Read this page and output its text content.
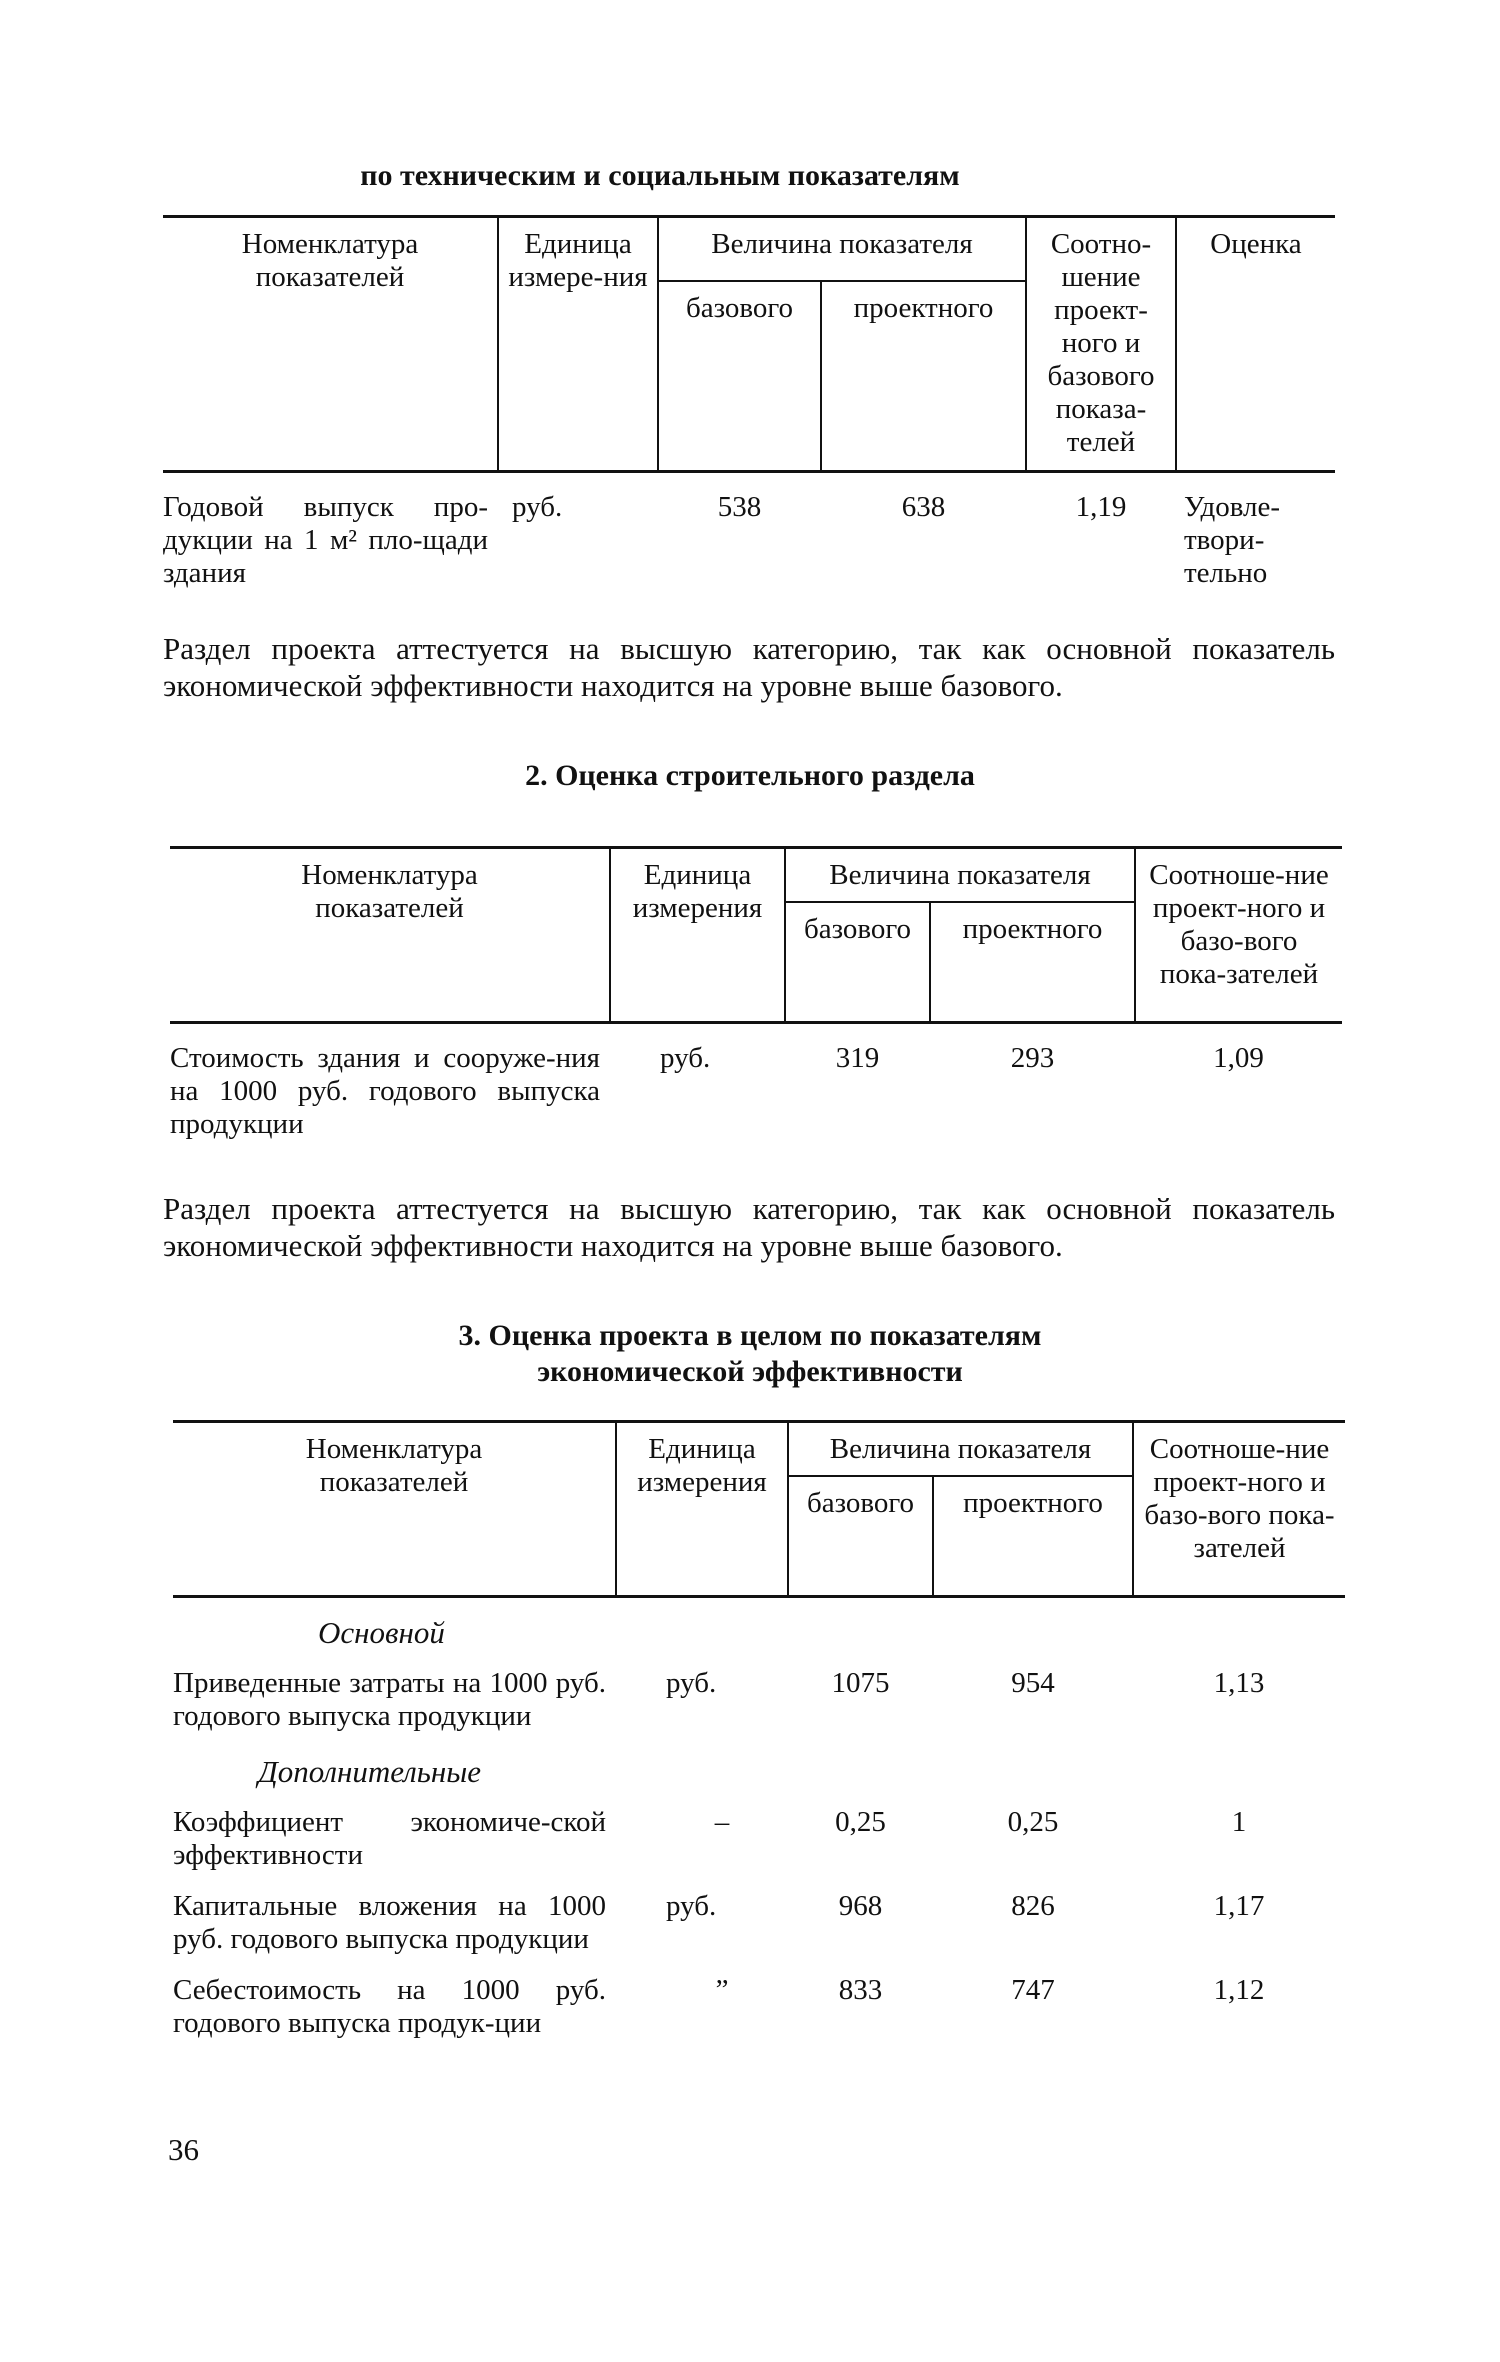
по техническим и социальным показателям
Номенклатура показателей	Единица измере-ния	Величина показателя		Соотно-шение проект-ного и базового показа-телей	Оценка
		базового	проектного		
Годовой выпуск про-дукции на 1 м² пло-щади здания	руб.	538	638	1,19	Удовле-твори-тельно
Раздел проекта аттестуется на высшую категорию, так как основной показатель экономической эффективности находится на уровне выше базового.
2. Оценка строительного раздела
Номенклатура показателей	Единица измерения	Величина показателя		Соотноше-ние проект-ного и базо-вого пока-зателей
		базового	проектного	
Стоимость здания и сооруже-ния на 1000 руб. годового выпуска продукции	руб.	319	293	1,09
Раздел проекта аттестуется на высшую категорию, так как основной показатель экономической эффективности находится на уровне выше базового.
3. Оценка проекта в целом по показателям
экономической эффективности
Номенклатура показателей	Единица измерения	Величина показателя		Соотноше-ние проект-ного и базо-вого пока-зателей
		базового	проектного	
Основной				
Приведенные затраты на 1000 руб. годового выпуска продукции	руб.	1075	954	1,13
Дополнительные				
Коэффициент экономиче-ской эффективности	–	0,25	0,25	1
Капитальные вложения на 1000 руб. годового выпуска продукции	руб.	968	826	1,17
Себестоимость на 1000 руб. годового выпуска продук-ции	”	833	747	1,12
36
